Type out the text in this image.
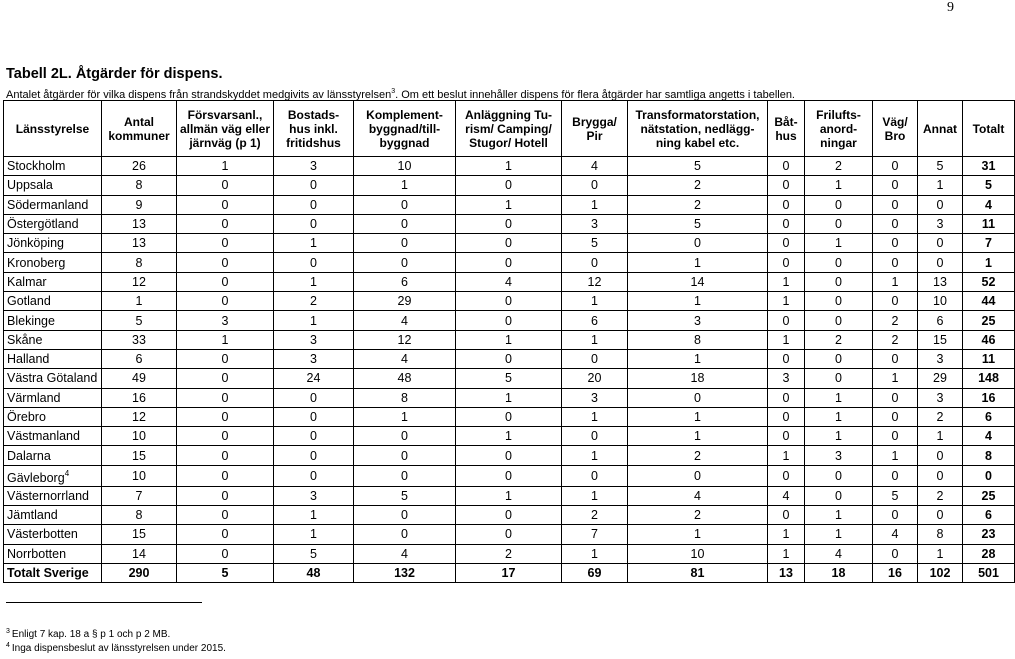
9
Tabell 2L. Åtgärder för dispens.
Antalet åtgärder för vilka dispens från strandskyddet medgivits av länsstyrelsen$^3$. Om ett beslut innehåller dispens för flera åtgärder har samtliga angetts i tabellen.
Länsstyrelse	Antal
kommuner	Försvarsanl.,
allmän väg eller
järnväg (p 1)	Bostads-
hus inkl.
fritidshus	Komplement-
byggnad/till-
byggnad	Anläggning Tu-
rism/ Camping/
Stugor/ Hotell	Brygga/
Pir	Transformatorstation,
nätstation, nedlägg-
ning kabel etc.	Båt-
hus	Frilufts-
anord-
ningar	Väg/
Bro	Annat	Totalt

Stockholm	26	1	3	10	1	4	5	0	2	0	5	31
Uppsala	8	0	0	1	0	0	2	0	1	0	1	5
Södermanland	9	0	0	0	1	1	2	0	0	0	0	4
Östergötland	13	0	0	0	0	3	5	0	0	0	3	11
Jönköping	13	0	1	0	0	5	0	0	1	0	0	7
Kronoberg	8	0	0	0	0	0	1	0	0	0	0	1
Kalmar	12	0	1	6	4	12	14	1	0	1	13	52
Gotland	1	0	2	29	0	1	1	1	0	0	10	44
Blekinge	5	3	1	4	0	6	3	0	0	2	6	25
Skåne	33	1	3	12	1	1	8	1	2	2	15	46
Halland	6	0	3	4	0	0	1	0	0	0	3	11
Västra Götaland	49	0	24	48	5	20	18	3	0	1	29	148
Värmland	16	0	0	8	1	3	0	0	1	0	3	16
Örebro	12	0	0	1	0	1	1	0	1	0	2	6
Västmanland	10	0	0	0	1	0	1	0	1	0	1	4
Dalarna	15	0	0	0	0	1	2	1	3	1	0	8
Gävleborg$^4$	10	0	0	0	0	0	0	0	0	0	0	0
Västernorrland	7	0	3	5	1	1	4	4	0	5	2	25
Jämtland	8	0	1	0	0	2	2	0	1	0	0	6
Västerbotten	15	0	1	0	0	7	1	1	1	4	8	23
Norrbotten	14	0	5	4	2	1	10	1	4	0	1	28
Totalt Sverige	290	5	48	132	17	69	81	13	18	16	102	501
$^3$ Enligt 7 kap. 18 a § p 1 och p 2 MB.
$^4$ Inga dispensbeslut av länsstyrelsen under 2015.
